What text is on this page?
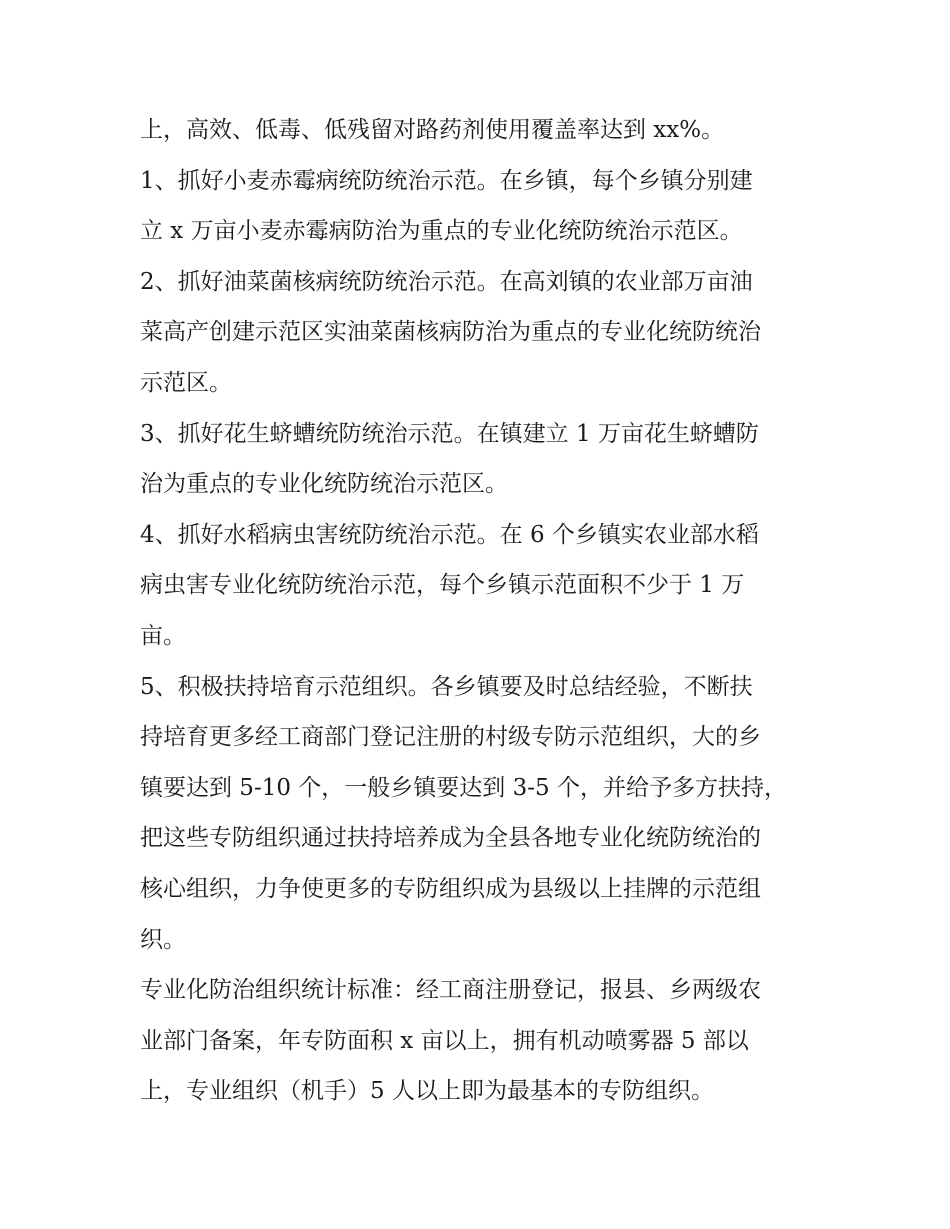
上，高效、低毒、低残留对路药剂使用覆盖率达到 xx%。
1、抓好小麦赤霉病统防统治示范。在乡镇，每个乡镇分别建
立 x 万亩小麦赤霉病防治为重点的专业化统防统治示范区。
2、抓好油菜菌核病统防统治示范。在高刘镇的农业部万亩油
菜高产创建示范区实油菜菌核病防治为重点的专业化统防统治
示范区。
3、抓好花生蛴螬统防统治示范。在镇建立 1 万亩花生蛴螬防
治为重点的专业化统防统治示范区。
4、抓好水稻病虫害统防统治示范。在 6 个乡镇实农业部水稻
病虫害专业化统防统治示范，每个乡镇示范面积不少于 1 万
亩。
5、积极扶持培育示范组织。各乡镇要及时总结经验，不断扶
持培育更多经工商部门登记注册的村级专防示范组织，大的乡
镇要达到 5-10 个，一般乡镇要达到 3-5 个，并给予多方扶持，
把这些专防组织通过扶持培养成为全县各地专业化统防统治的
核心组织，力争使更多的专防组织成为县级以上挂牌的示范组
织。
专业化防治组织统计标准：经工商注册登记，报县、乡两级农
业部门备案，年专防面积 x 亩以上，拥有机动喷雾器 5 部以
上，专业组织（机手）5 人以上即为最基本的专防组织。
